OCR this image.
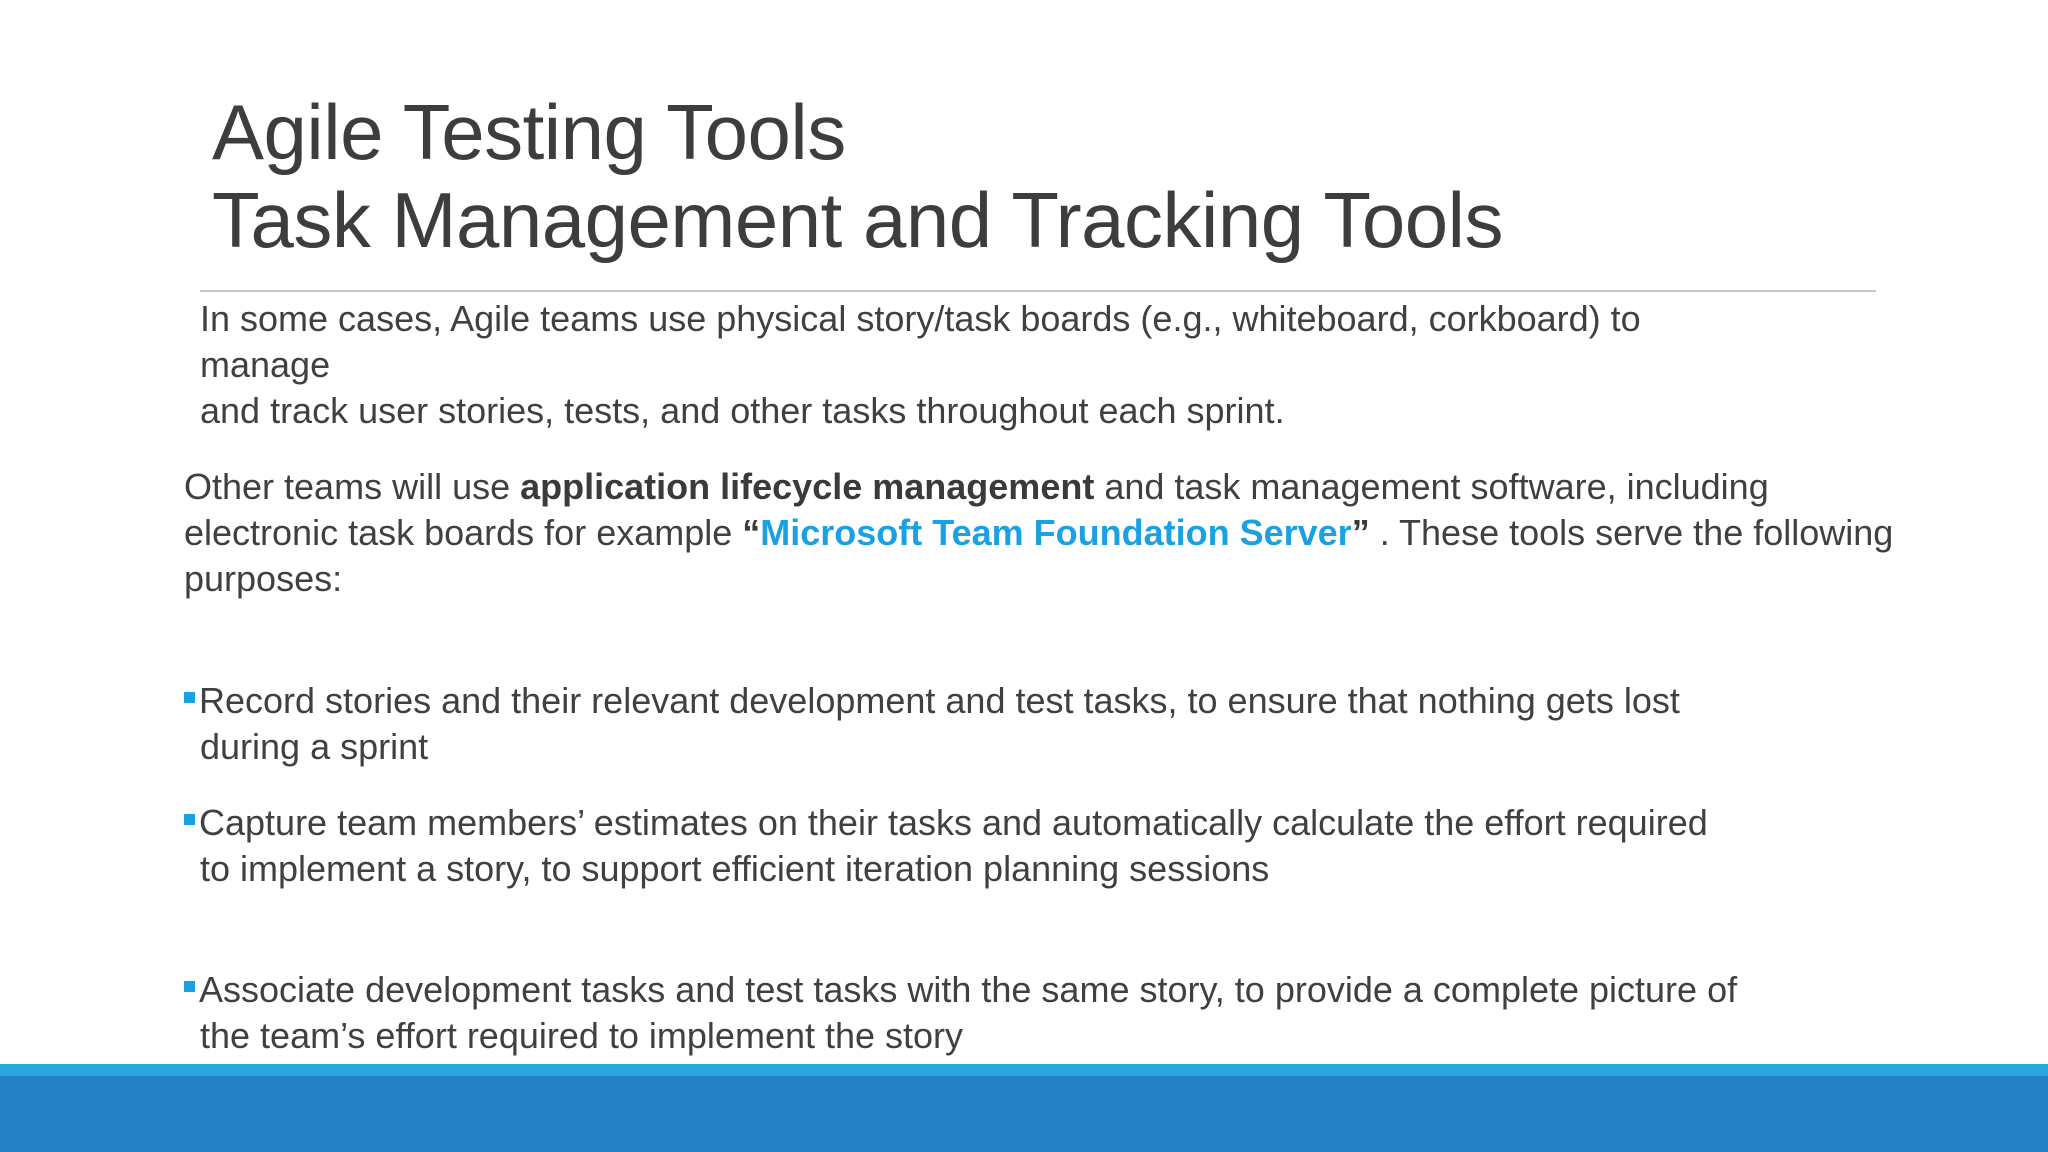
Agile Testing Tools
Task Management and Tracking Tools

In some cases, Agile teams use physical story/task boards (e.g., whiteboard, corkboard) to
manage
and track user stories, tests, and other tasks throughout each sprint.

Other teams will use application lifecycle management and task management software, including electronic task boards for example “Microsoft Team Foundation Server” . These tools serve the following purposes:

Record stories and their relevant development and test tasks, to ensure that nothing gets lost
during a sprint
Capture team members’ estimates on their tasks and automatically calculate the effort required
to implement a story, to support efficient iteration planning sessions
Associate development tasks and test tasks with the same story, to provide a complete picture of
the team’s effort required to implement the story
